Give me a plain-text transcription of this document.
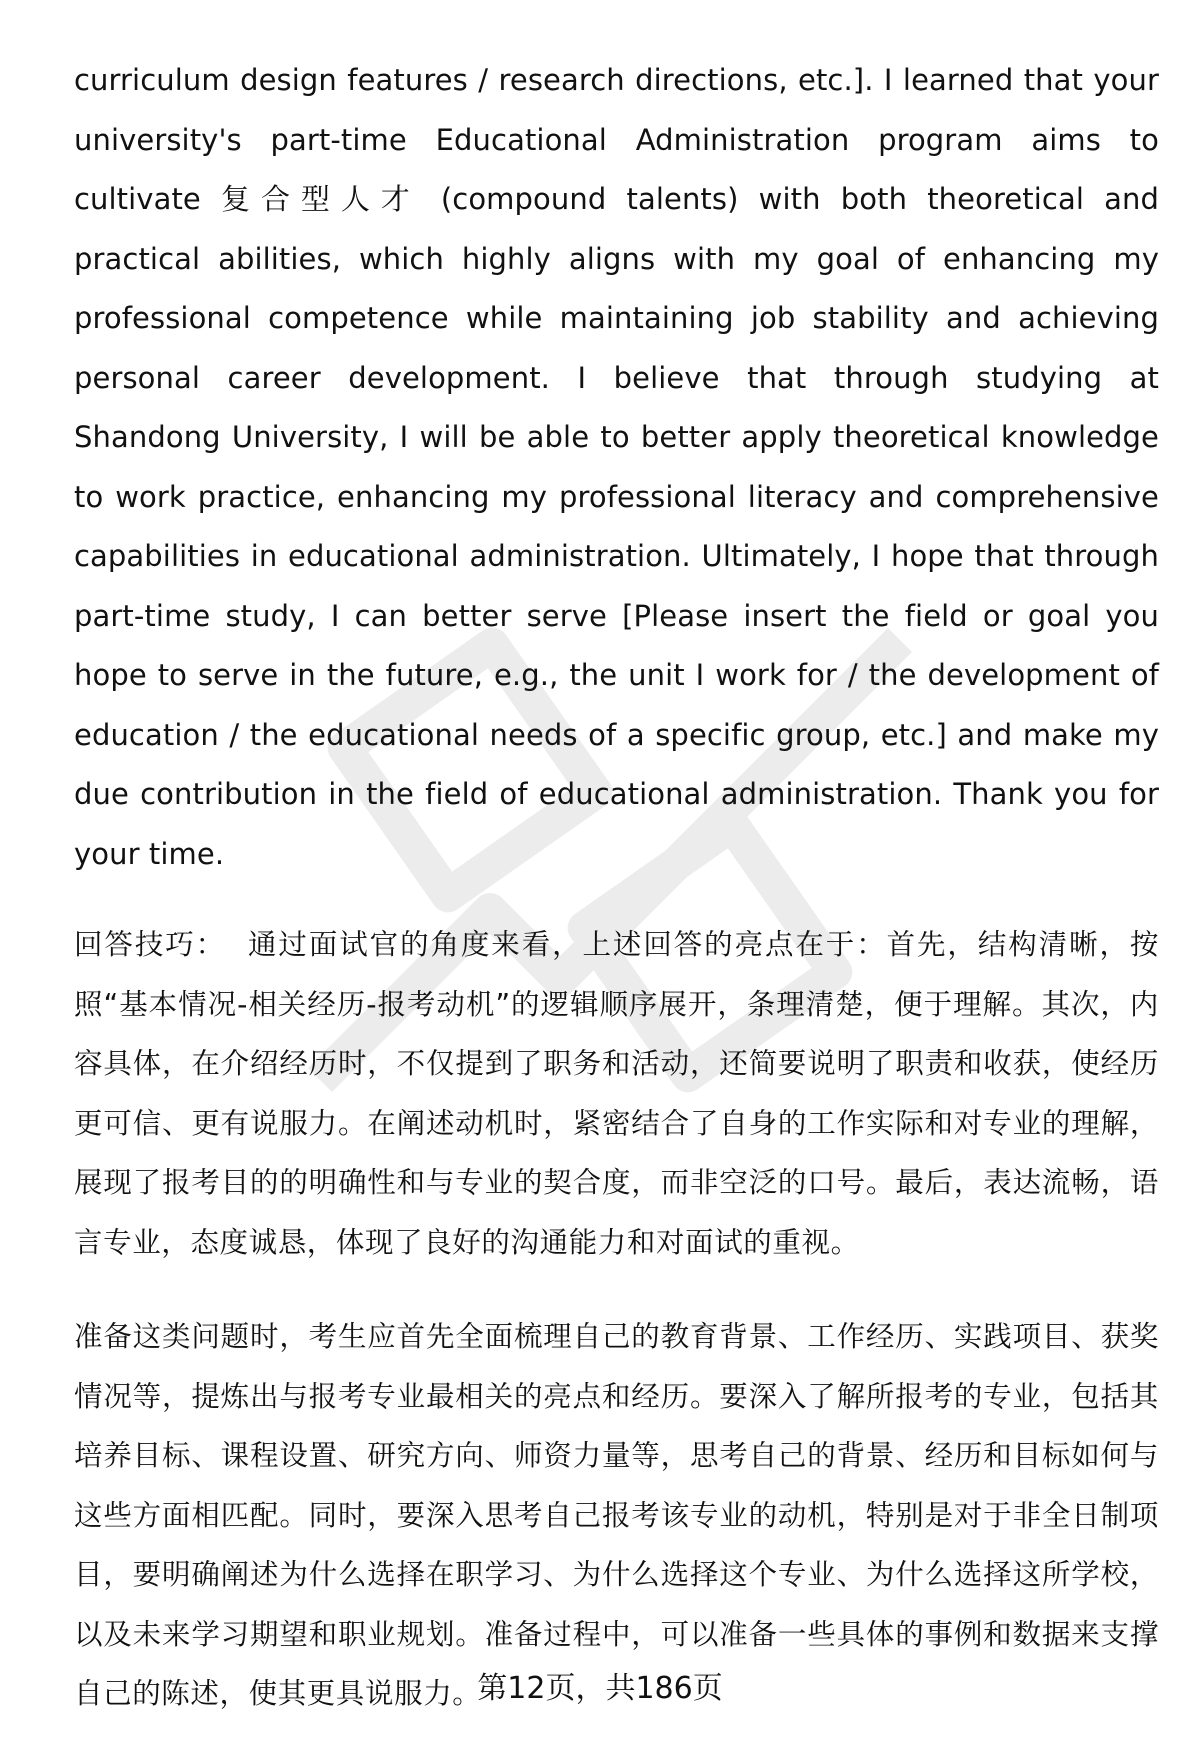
curriculum design features / research directions, etc.]. I learned that your university's part-time Educational Administration program aims to cultivate 复合型人才 (compound talents) with both theoretical and practical abilities, which highly aligns with my goal of enhancing my professional competence while maintaining job stability and achieving personal career development. I believe that through studying at Shandong University, I will be able to better apply theoretical knowledge to work practice, enhancing my professional literacy and comprehensive capabilities in educational administration. Ultimately, I hope that through part-time study, I can better serve [Please insert the field or goal you hope to serve in the future, e.g., the unit I work for / the development of education / the educational needs of a specific group, etc.] and make my due contribution in the field of educational administration. Thank you for your time.

回答技巧： 通过面试官的角度来看，上述回答的亮点在于：首先，结构清晰，按照“基本情况-相关经历-报考动机”的逻辑顺序展开，条理清楚，便于理解。其次，内容具体，在介绍经历时，不仅提到了职务和活动，还简要说明了职责和收获，使经历更可信、更有说服力。在阐述动机时，紧密结合了自身的工作实际和对专业的理解，展现了报考目的的明确性和与专业的契合度，而非空泛的口号。最后，表达流畅，语言专业，态度诚恳，体现了良好的沟通能力和对面试的重视。

准备这类问题时，考生应首先全面梳理自己的教育背景、工作经历、实践项目、获奖情况等，提炼出与报考专业最相关的亮点和经历。要深入了解所报考的专业，包括其培养目标、课程设置、研究方向、师资力量等，思考自己的背景、经历和目标如何与这些方面相匹配。同时，要深入思考自己报考该专业的动机，特别是对于非全日制项目，要明确阐述为什么选择在职学习、为什么选择这个专业、为什么选择这所学校，以及未来学习期望和职业规划。准备过程中，可以准备一些具体的事例和数据来支撑自己的陈述，使其更具说服力。

第12页，共186页
